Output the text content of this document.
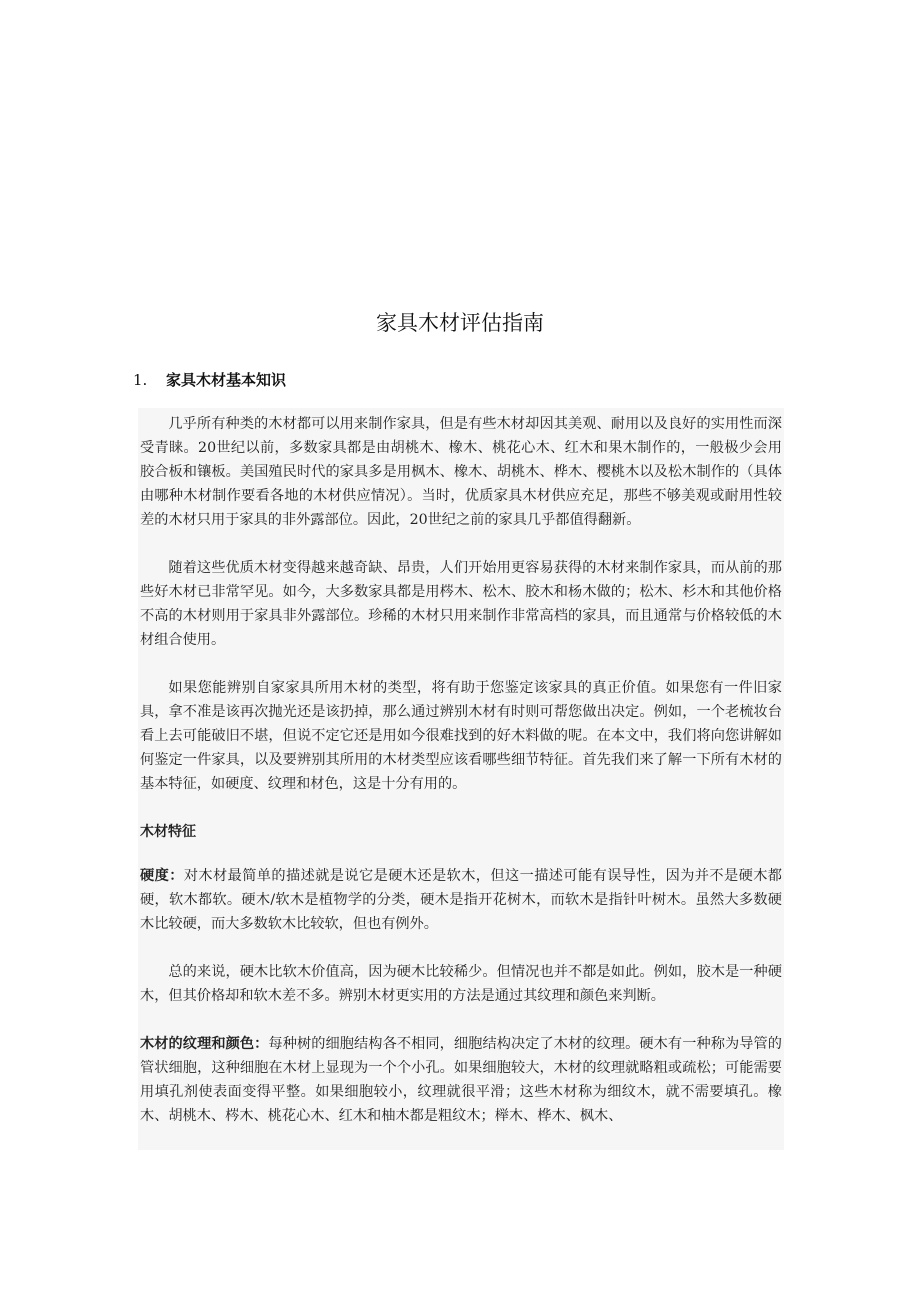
家具木材评估指南
1. 家具木材基本知识

几乎所有种类的木材都可以用来制作家具，但是有些木材却因其美观、耐用以及良好的实用性而深受青睐。20世纪以前，多数家具都是由胡桃木、橡木、桃花心木、红木和果木制作的，一般极少会用胶合板和镶板。美国殖民时代的家具多是用枫木、橡木、胡桃木、桦木、樱桃木以及松木制作的（具体由哪种木材制作要看各地的木材供应情况）。当时，优质家具木材供应充足，那些不够美观或耐用性较差的木材只用于家具的非外露部位。因此，20世纪之前的家具几乎都值得翻新。

随着这些优质木材变得越来越奇缺、昂贵，人们开始用更容易获得的木材来制作家具，而从前的那些好木材已非常罕见。如今，大多数家具都是用梣木、松木、胶木和杨木做的；松木、杉木和其他价格不高的木材则用于家具非外露部位。珍稀的木材只用来制作非常高档的家具，而且通常与价格较低的木材组合使用。

如果您能辨别自家家具所用木材的类型，将有助于您鉴定该家具的真正价值。如果您有一件旧家具，拿不准是该再次抛光还是该扔掉，那么通过辨别木材有时则可帮您做出决定。例如，一个老梳妆台看上去可能破旧不堪，但说不定它还是用如今很难找到的好木料做的呢。在本文中，我们将向您讲解如何鉴定一件家具，以及要辨别其所用的木材类型应该看哪些细节特征。首先我们来了解一下所有木材的基本特征，如硬度、纹理和材色，这是十分有用的。

木材特征

硬度：对木材最简单的描述就是说它是硬木还是软木，但这一描述可能有误导性，因为并不是硬木都硬，软木都软。硬木/软木是植物学的分类，硬木是指开花树木，而软木是指针叶树木。虽然大多数硬木比较硬，而大多数软木比较软，但也有例外。

总的来说，硬木比软木价值高，因为硬木比较稀少。但情况也并不都是如此。例如，胶木是一种硬木，但其价格却和软木差不多。辨别木材更实用的方法是通过其纹理和颜色来判断。

木材的纹理和颜色：每种树的细胞结构各不相同，细胞结构决定了木材的纹理。硬木有一种称为导管的管状细胞，这种细胞在木材上显现为一个个小孔。如果细胞较大，木材的纹理就略粗或疏松；可能需要用填孔剂使表面变得平整。如果细胞较小，纹理就很平滑；这些木材称为细纹木，就不需要填孔。橡木、胡桃木、梣木、桃花心木、红木和柚木都是粗纹木；榉木、桦木、枫木、
